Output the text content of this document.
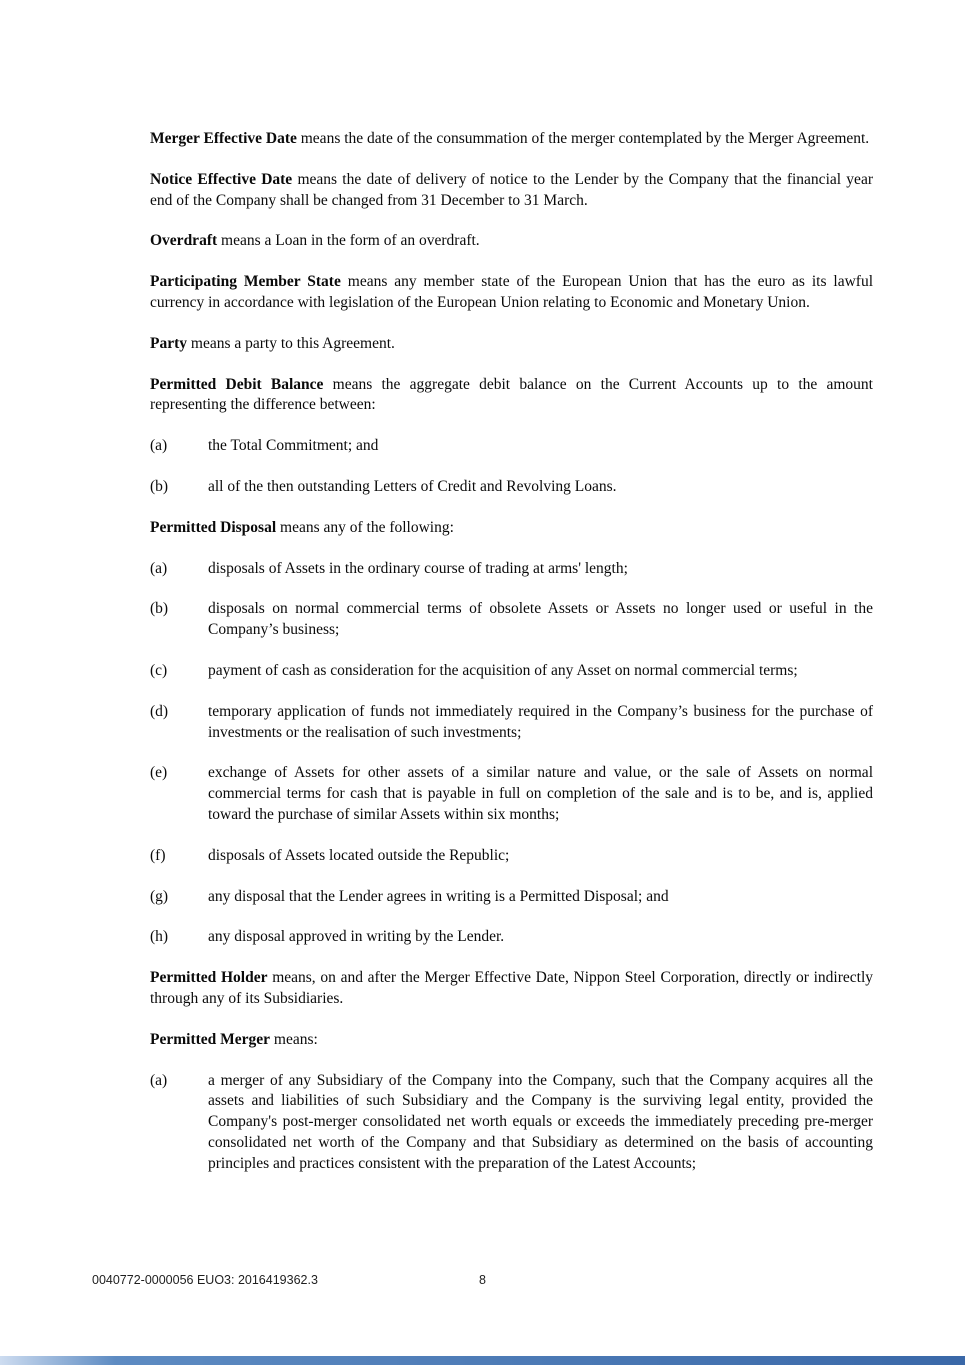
Merger Effective Date means the date of the consummation of the merger contemplated by the Merger Agreement.

Notice Effective Date means the date of delivery of notice to the Lender by the Company that the financial year end of the Company shall be changed from 31 December to 31 March.

Overdraft means a Loan in the form of an overdraft.

Participating Member State means any member state of the European Union that has the euro as its lawful currency in accordance with legislation of the European Union relating to Economic and Monetary Union.

Party means a party to this Agreement.

Permitted Debit Balance means the aggregate debit balance on the Current Accounts up to the amount representing the difference between:

(a)	the Total Commitment; and
(b)	all of the then outstanding Letters of Credit and Revolving Loans.

Permitted Disposal means any of the following:

(a)	disposals of Assets in the ordinary course of trading at arms' length;
(b)	disposals on normal commercial terms of obsolete Assets or Assets no longer used or useful in the Company’s business;
(c)	payment of cash as consideration for the acquisition of any Asset on normal commercial terms;
(d)	temporary application of funds not immediately required in the Company’s business for the purchase of investments or the realisation of such investments;
(e)	exchange of Assets for other assets of a similar nature and value, or the sale of Assets on normal commercial terms for cash that is payable in full on completion of the sale and is to be, and is, applied toward the purchase of similar Assets within six months;
(f)	disposals of Assets located outside the Republic;
(g)	any disposal that the Lender agrees in writing is a Permitted Disposal; and
(h)	any disposal approved in writing by the Lender.

Permitted Holder means, on and after the Merger Effective Date, Nippon Steel Corporation, directly or indirectly through any of its Subsidiaries.

Permitted Merger means:

(a)	a merger of any Subsidiary of the Company into the Company, such that the Company acquires all the assets and liabilities of such Subsidiary and the Company is the surviving legal entity, provided the Company's post-merger consolidated net worth equals or exceeds the immediately preceding pre-merger consolidated net worth of the Company and that Subsidiary as determined on the basis of accounting principles and practices consistent with the preparation of the Latest Accounts;
0040772-0000056 EUO3: 2016419362.3	8
